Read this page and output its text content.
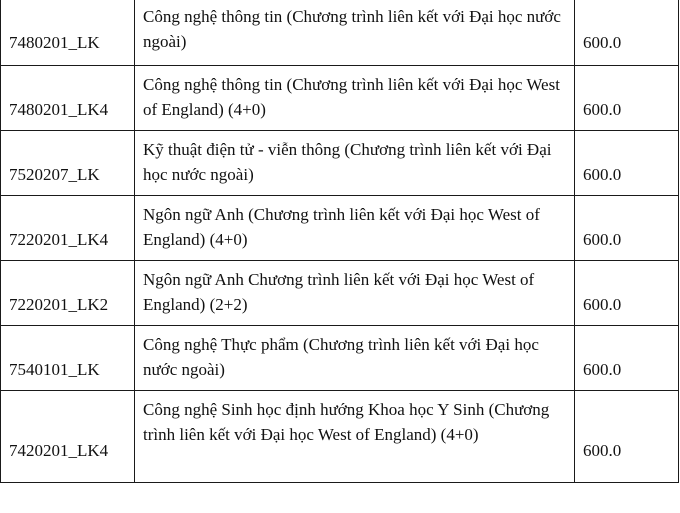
7480201_LK	Công nghệ thông tin (Chương trình liên kết với Đại học nước ngoài)	600.0
7480201_LK4	Công nghệ thông tin (Chương trình liên kết với Đại học West of England) (4+0)	600.0
7520207_LK	Kỹ thuật điện tử - viễn thông (Chương trình liên kết với Đại học nước ngoài)	600.0
7220201_LK4	Ngôn ngữ Anh (Chương trình liên kết với Đại học West of England) (4+0)	600.0
7220201_LK2	Ngôn ngữ Anh Chương trình liên kết với Đại học West of England) (2+2)	600.0
7540101_LK	Công nghệ Thực phẩm (Chương trình liên kết với Đại học nước ngoài)	600.0
7420201_LK4	Công nghệ Sinh học định hướng Khoa học Y Sinh (Chương trình liên kết với Đại học West of England) (4+0)	600.0
